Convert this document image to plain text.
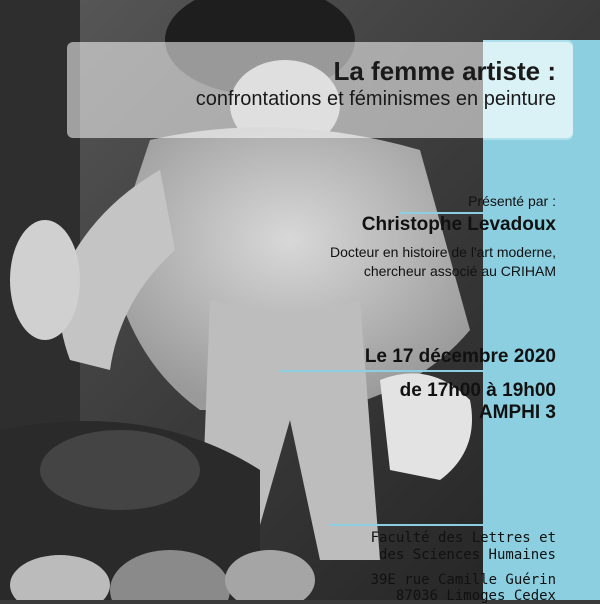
La femme artiste :
confrontations et féminismes en peinture
Présenté par :
Christophe Levadoux
Docteur en histoire de l'art moderne,
chercheur associé au CRIHAM
Le 17 décembre 2020
de 17h00 à 19h00
AMPHI 3
Faculté des Lettres et
des Sciences Humaines
39E rue Camille Guérin
87036 Limoges Cedex
